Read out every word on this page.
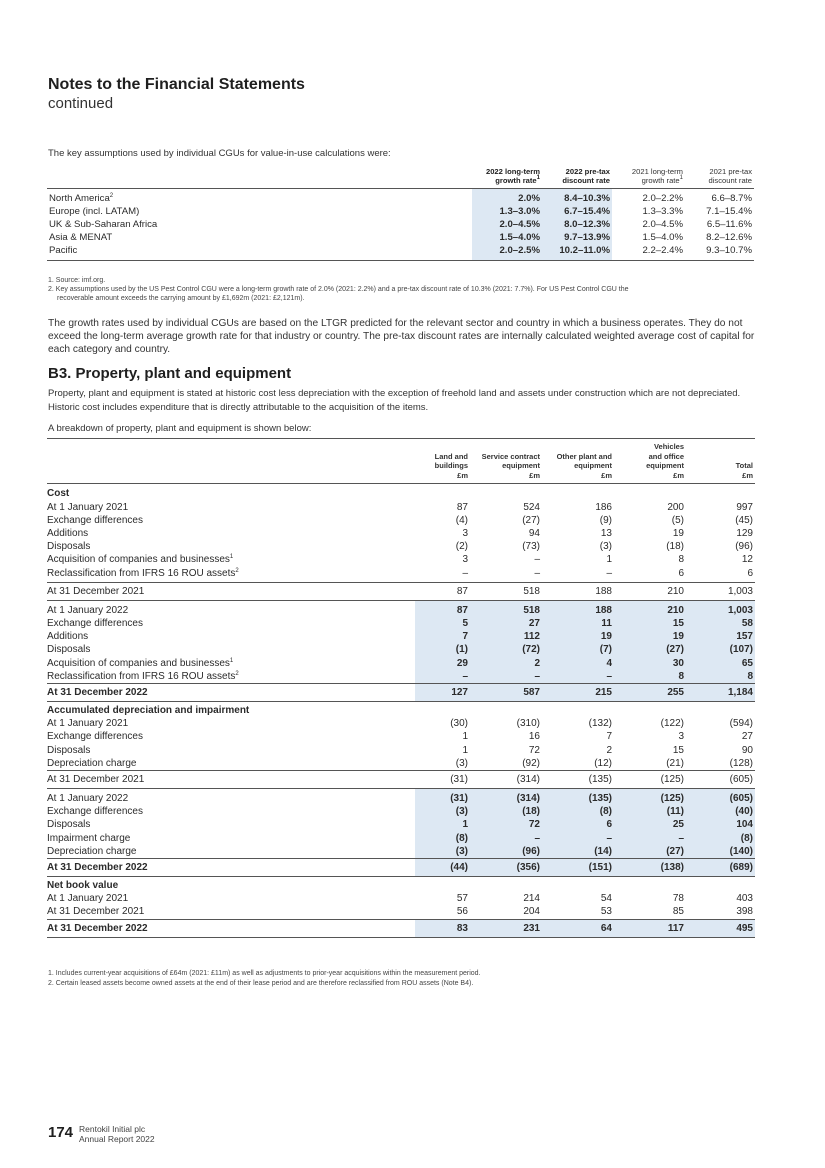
Notes to the Financial Statements
continued
The key assumptions used by individual CGUs for value-in-use calculations were:
	2022 long-term
growth rate$^1$	2022 pre-tax
discount rate	2021 long-term
growth rate$^1$	2021 pre-tax
discount rate
North America$^2$	2.0%	8.4–10.3%	2.0–2.2%	6.6–8.7%
Europe (incl. LATAM)	1.3–3.0%	6.7–15.4%	1.3–3.3%	7.1–15.4%
UK & Sub-Saharan Africa	2.0–4.5%	8.0–12.3%	2.0–4.5%	6.5–11.6%
Asia & MENAT	1.5–4.0%	9.7–13.9%	1.5–4.0%	8.2–12.6%
Pacific	2.0–2.5%	10.2–11.0%	2.2–2.4%	9.3–10.7%
1. Source: imf.org.
2. Key assumptions used by the US Pest Control CGU were a long-term growth rate of 2.0% (2021: 2.2%) and a pre-tax discount rate of 10.3% (2021: 7.7%). For US Pest Control CGU the
recoverable amount exceeds the carrying amount by £1,692m (2021: £2,121m).
The growth rates used by individual CGUs are based on the LTGR predicted for the relevant sector and country in which a business operates. They do not exceed the long-term average growth rate for that industry or country. The pre-tax discount rates are internally calculated weighted average cost of capital for each category and country.
B3. Property, plant and equipment
Property, plant and equipment is stated at historic cost less depreciation with the exception of freehold land and assets under construction which are not depreciated. Historic cost includes expenditure that is directly attributable to the acquisition of the items.
A breakdown of property, plant and equipment is shown below:
	Land and
buildings
£m	Service contract
equipment
£m	Other plant and
equipment
£m	Vehicles
and office
equipment
£m	Total
£m
Cost					
At 1 January 2021	87	524	186	200	997
Exchange differences	(4)	(27)	(9)	(5)	(45)
Additions	3	94	13	19	129
Disposals	(2)	(73)	(3)	(18)	(96)
Acquisition of companies and businesses$^1$	3	–	1	8	12
Reclassification from IFRS 16 ROU assets$^2$	–	–	–	6	6
At 31 December 2021	87	518	188	210	1,003
At 1 January 2022	87	518	188	210	1,003
Exchange differences	5	27	11	15	58
Additions	7	112	19	19	157
Disposals	(1)	(72)	(7)	(27)	(107)
Acquisition of companies and businesses$^1$	29	2	4	30	65
Reclassification from IFRS 16 ROU assets$^2$	–	–	–	8	8
At 31 December 2022	127	587	215	255	1,184
Accumulated depreciation and impairment					
At 1 January 2021	(30)	(310)	(132)	(122)	(594)
Exchange differences	1	16	7	3	27
Disposals	1	72	2	15	90
Depreciation charge	(3)	(92)	(12)	(21)	(128)
At 31 December 2021	(31)	(314)	(135)	(125)	(605)
At 1 January 2022	(31)	(314)	(135)	(125)	(605)
Exchange differences	(3)	(18)	(8)	(11)	(40)
Disposals	1	72	6	25	104
Impairment charge	(8)	–	–	–	(8)
Depreciation charge	(3)	(96)	(14)	(27)	(140)
At 31 December 2022	(44)	(356)	(151)	(138)	(689)
Net book value					
At 1 January 2021	57	214	54	78	403
At 31 December 2021	56	204	53	85	398
At 31 December 2022	83	231	64	117	495
1. Includes current-year acquisitions of £64m (2021: £11m) as well as adjustments to prior-year acquisitions within the measurement period.
2. Certain leased assets become owned assets at the end of their lease period and are therefore reclassified from ROU assets (Note B4).
174 Rentokil Initial plc
Annual Report 2022
